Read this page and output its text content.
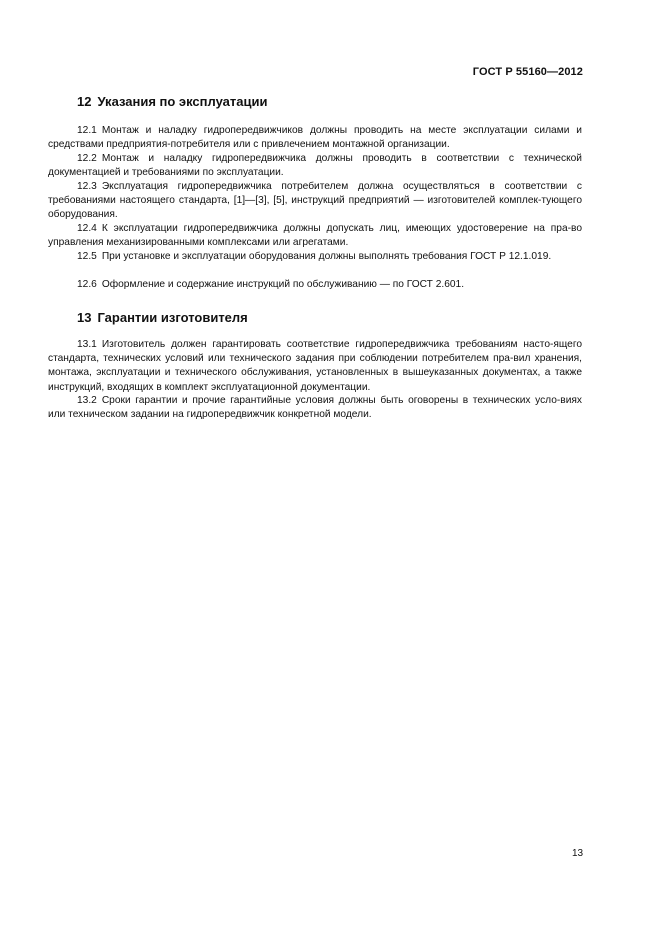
ГОСТ Р 55160—2012
12 Указания по эксплуатации
12.1 Монтаж и наладку гидропередвижчиков должны проводить на месте эксплуатации силами и средствами предприятия-потребителя или с привлечением монтажной организации.
12.2 Монтаж и наладку гидропередвижчика должны проводить в соответствии с технической документацией и требованиями по эксплуатации.
12.3 Эксплуатация гидропередвижчика потребителем должна осуществляться в соответствии с требованиями настоящего стандарта, [1]—[3], [5], инструкций предприятий — изготовителей комплек-тующего оборудования.
12.4 К эксплуатации гидропередвижчика должны допускать лиц, имеющих удостоверение на пра-во управления механизированными комплексами или агрегатами.
12.5 При установке и эксплуатации оборудования должны выполнять требования ГОСТ Р 12.1.019.
12.6 Оформление и содержание инструкций по обслуживанию — по ГОСТ 2.601.
13 Гарантии изготовителя
13.1 Изготовитель должен гарантировать соответствие гидропередвижчика требованиям насто-ящего стандарта, технических условий или технического задания при соблюдении потребителем пра-вил хранения, монтажа, эксплуатации и технического обслуживания, установленных в вышеуказанных документах, а также инструкций, входящих в комплект эксплуатационной документации.
13.2 Сроки гарантии и прочие гарантийные условия должны быть оговорены в технических усло-виях или техническом задании на гидропередвижчик конкретной модели.
13
